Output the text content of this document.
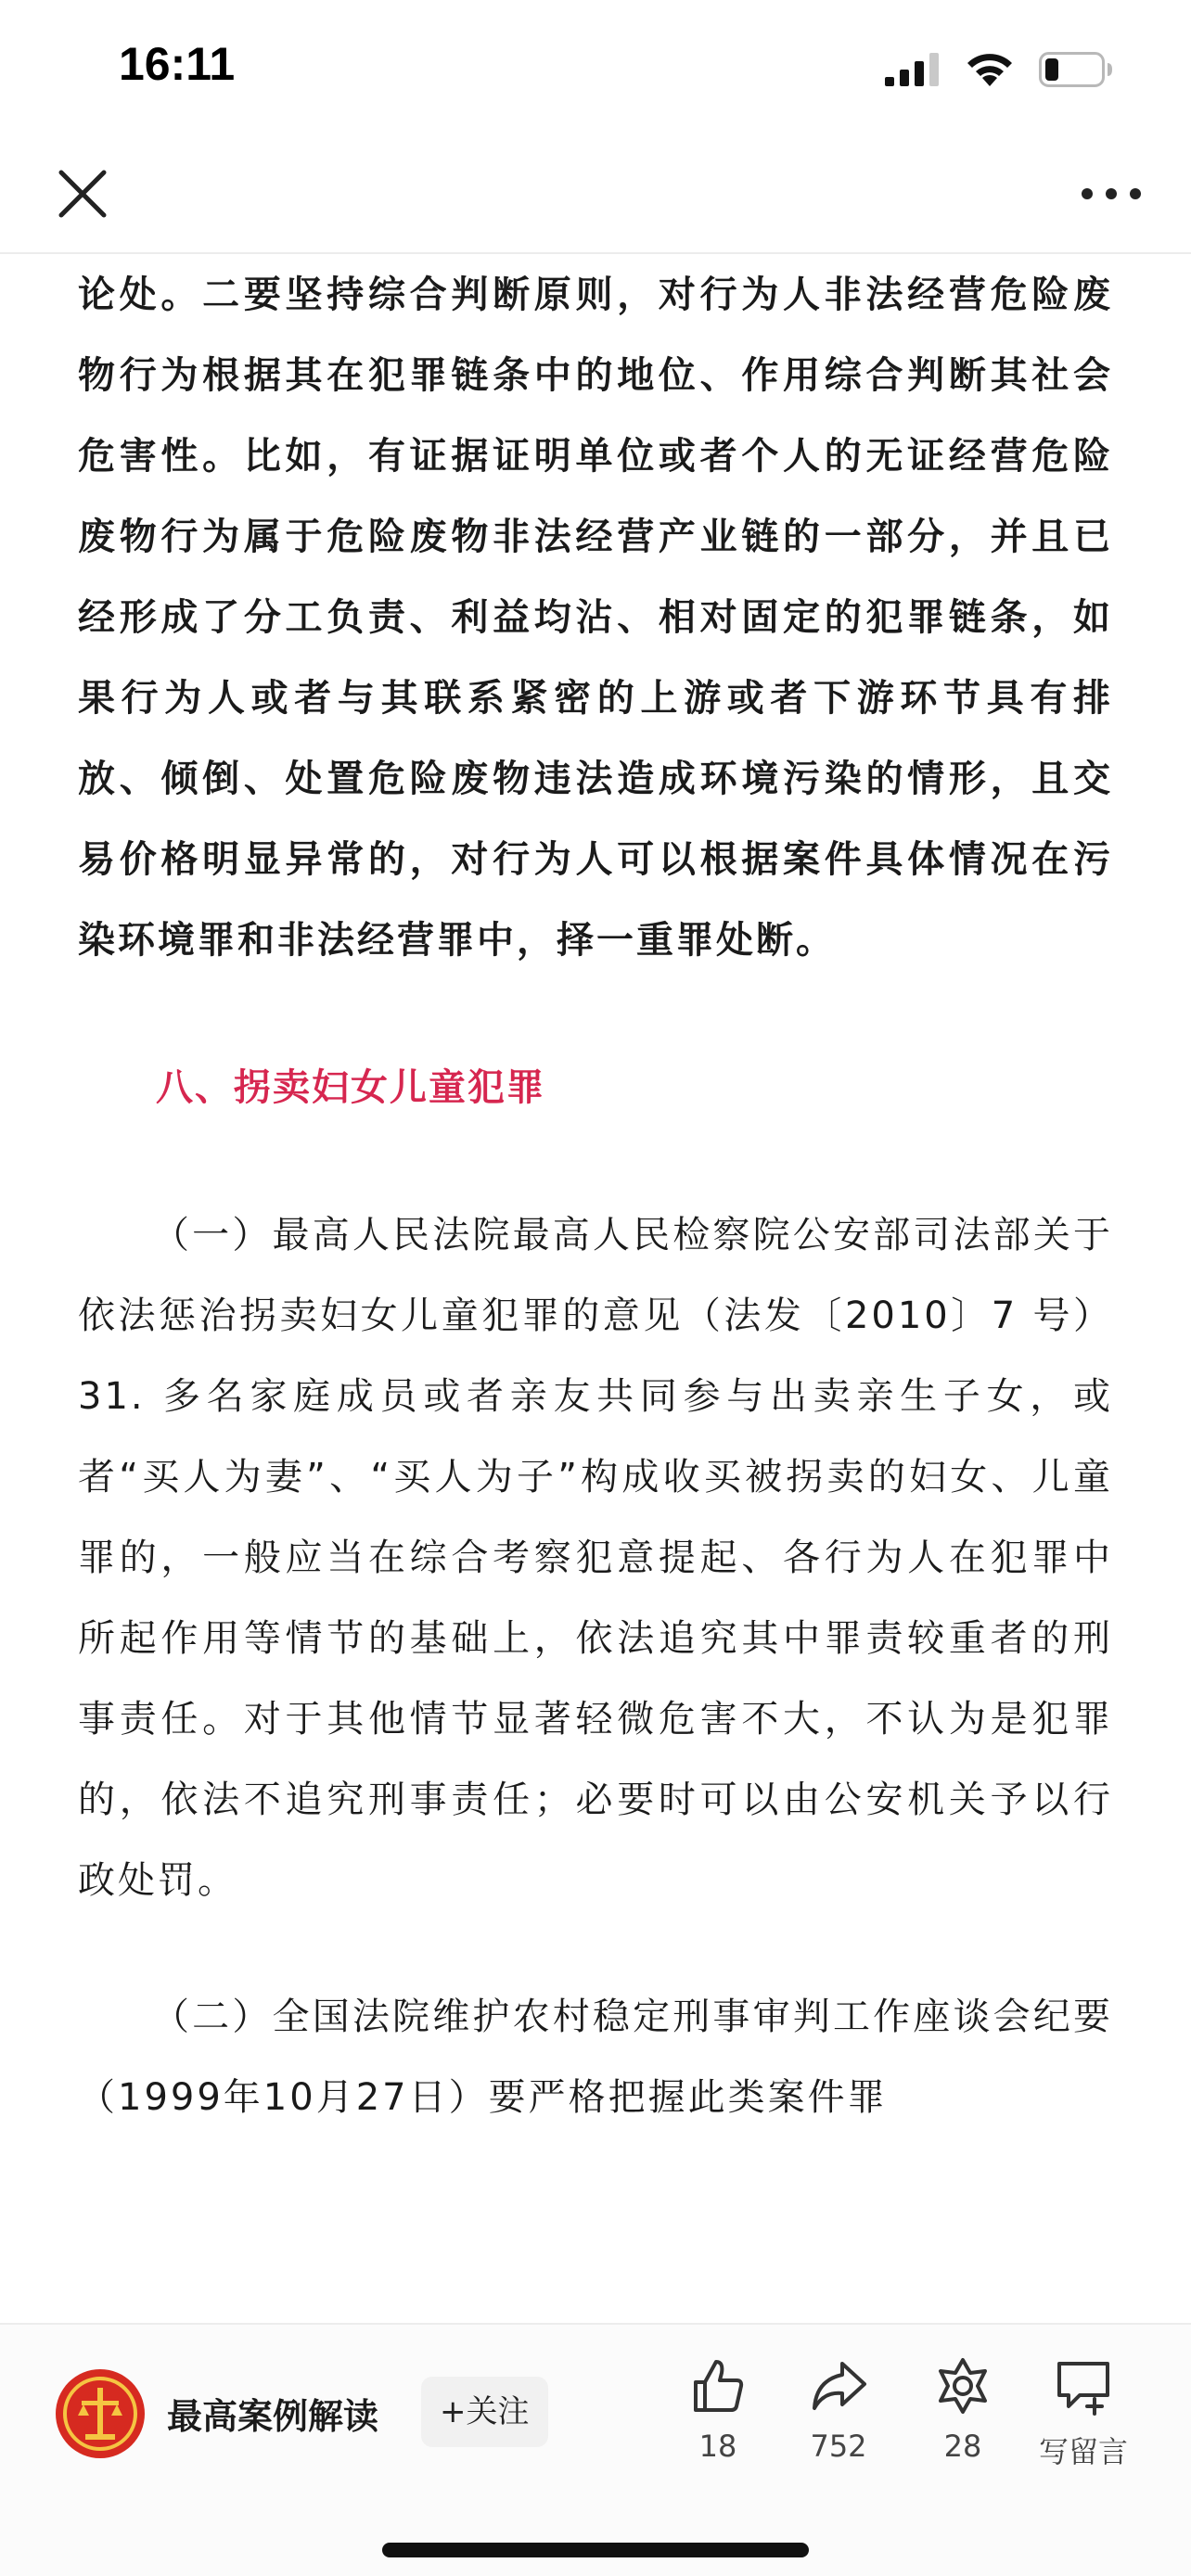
16:11

论处。二要坚持综合判断原则，对行为人非法经营危险废物行为根据其在犯罪链条中的地位、作用综合判断其社会危害性。比如，有证据证明单位或者个人的无证经营危险废物行为属于危险废物非法经营产业链的一部分，并且已经形成了分工负责、利益均沾、相对固定的犯罪链条，如果行为人或者与其联系紧密的上游或者下游环节具有排放、倾倒、处置危险废物违法造成环境污染的情形，且交易价格明显异常的，对行为人可以根据案件具体情况在污染环境罪和非法经营罪中，择一重罪处断。

八、拐卖妇女儿童犯罪

（一）最高人民法院最高人民检察院公安部司法部关于依法惩治拐卖妇女儿童犯罪的意见（法发〔2010〕7 号）31. 多名家庭成员或者亲友共同参与出卖亲生子女，或者“买人为妻”、“买人为子”构成收买被拐卖的妇女、儿童罪的，一般应当在综合考察犯意提起、各行为人在犯罪中所起作用等情节的基础上，依法追究其中罪责较重者的刑事责任。对于其他情节显著轻微危害不大，不认为是犯罪的，依法不追究刑事责任；必要时可以由公安机关予以行政处罚。

（二）全国法院维护农村稳定刑事审判工作座谈会纪要（1999年10月27日）要严格把握此类案件罪

最高案例解读	+关注
18	752	28	写留言
